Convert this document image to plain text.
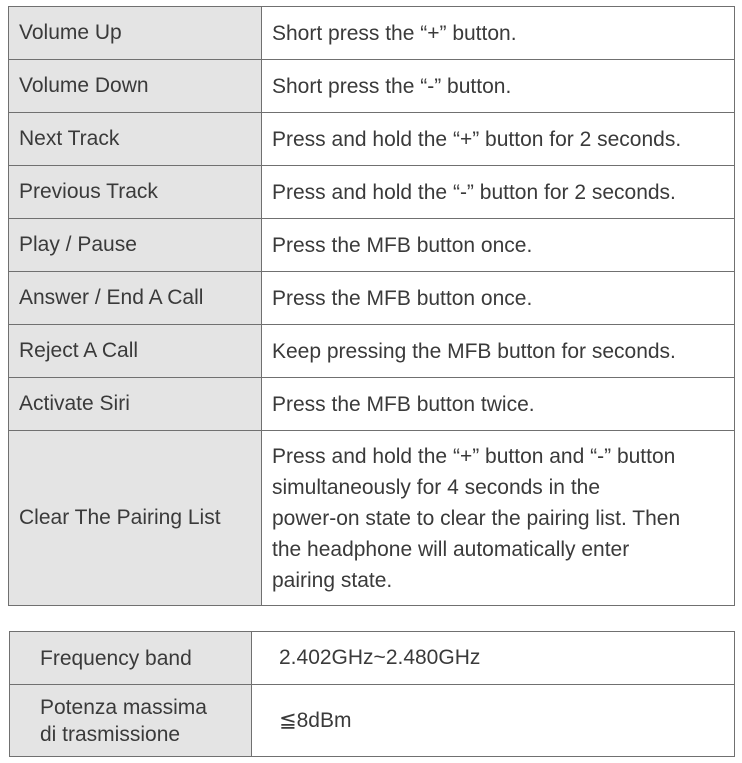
Volume Up	Short press the “+” button.

Volume Down	Short press the “-” button.

Next Track	Press and hold the “+” button for 2 seconds.

Previous Track	Press and hold the “-” button for 2 seconds.

Play / Pause	Press the MFB button once.

Answer / End A Call	Press the MFB button once.

Reject A Call	Keep pressing the MFB button for seconds.

Activate Siri	Press the MFB button twice.

Clear The Pairing List	Press and hold the “+” button and “-” button
simultaneously for 4 seconds in the
power-on state to clear the pairing list. Then
the headphone will automatically enter
pairing state.
Frequency band	2.402GHz~2.480GHz

Potenza massima
di trasmissione	≦8dBm
